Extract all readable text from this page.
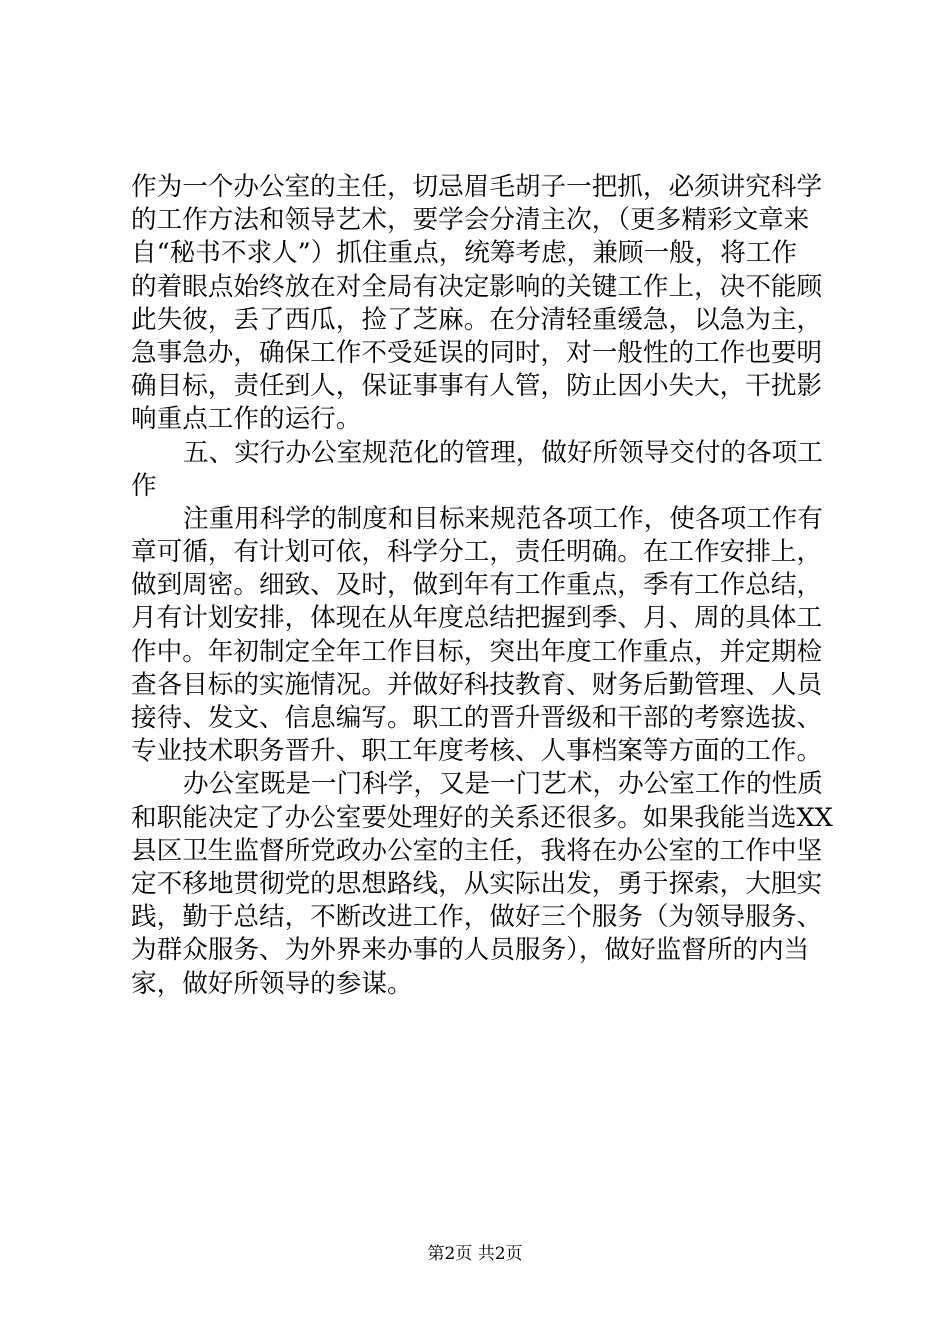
作为一个办公室的主任，切忌眉毛胡子一把抓，必须讲究科学
的工作方法和领导艺术，要学会分清主次，（更多精彩文章来
自“秘书不求人”）抓住重点，统筹考虑，兼顾一般，将工作
的着眼点始终放在对全局有决定影响的关键工作上，决不能顾
此失彼，丢了西瓜，捡了芝麻。在分清轻重缓急，以急为主，
急事急办，确保工作不受延误的同时，对一般性的工作也要明
确目标，责任到人，保证事事有人管，防止因小失大，干扰影
响重点工作的运行。
五、实行办公室规范化的管理，做好所领导交付的各项工
作
注重用科学的制度和目标来规范各项工作，使各项工作有
章可循，有计划可依，科学分工，责任明确。在工作安排上，
做到周密。细致、及时，做到年有工作重点，季有工作总结，
月有计划安排，体现在从年度总结把握到季、月、周的具体工
作中。年初制定全年工作目标，突出年度工作重点，并定期检
查各目标的实施情况。并做好科技教育、财务后勤管理、人员
接待、发文、信息编写。职工的晋升晋级和干部的考察选拔、
专业技术职务晋升、职工年度考核、人事档案等方面的工作。
办公室既是一门科学，又是一门艺术，办公室工作的性质
和职能决定了办公室要处理好的关系还很多。如果我能当选XX
县区卫生监督所党政办公室的主任，我将在办公室的工作中坚
定不移地贯彻党的思想路线，从实际出发，勇于探索，大胆实
践，勤于总结，不断改进工作，做好三个服务（为领导服务、
为群众服务、为外界来办事的人员服务），做好监督所的内当
家，做好所领导的参谋。
第2页 共2页
